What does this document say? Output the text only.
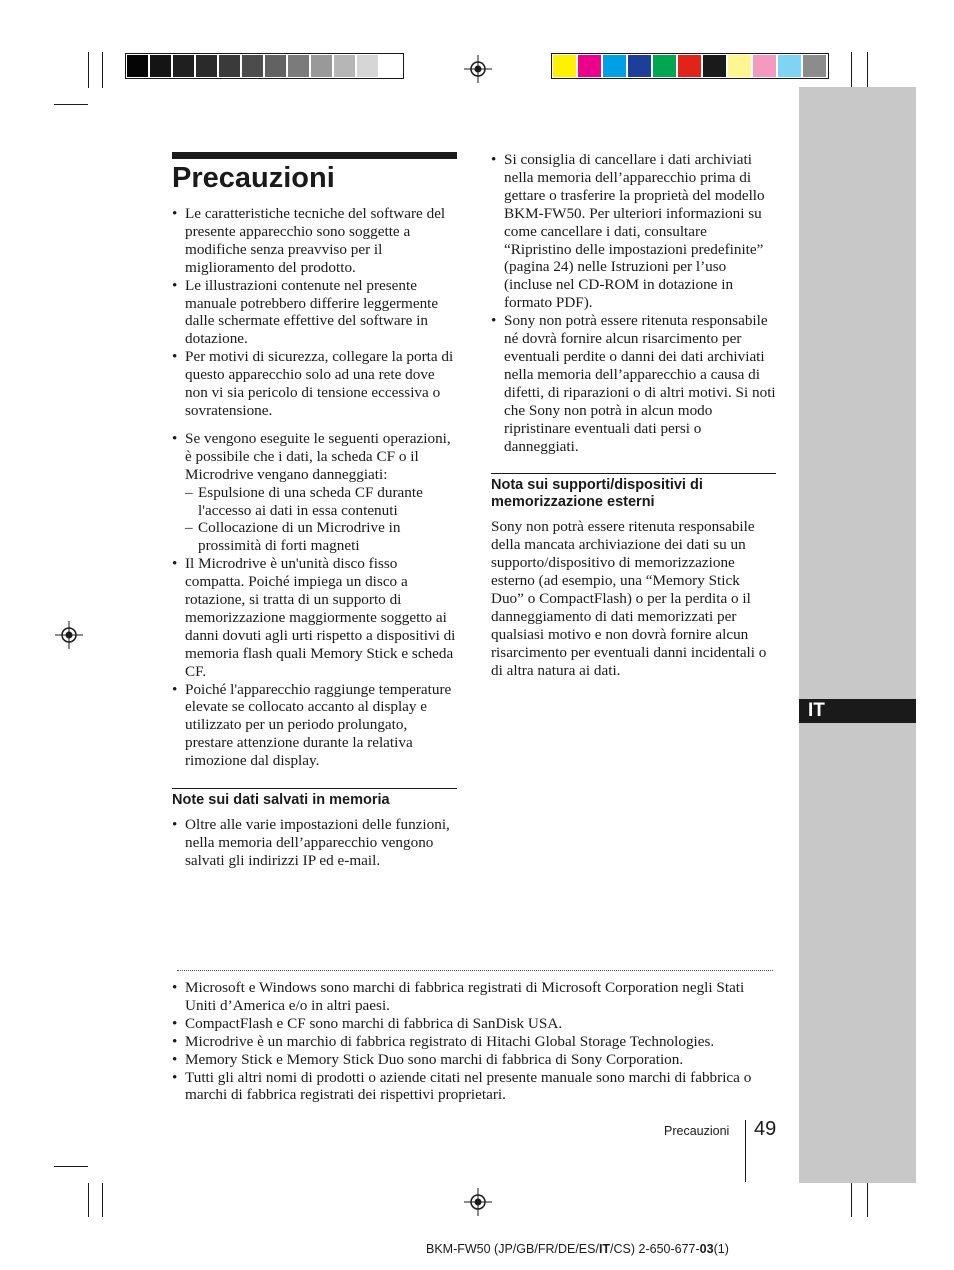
IT
Precauzioni
• Le caratteristiche tecniche del software del presente apparecchio sono soggette a modifiche senza preavviso per il miglioramento del prodotto.
• Le illustrazioni contenute nel presente manuale potrebbero differire leggermente dalle schermate effettive del software in dotazione.
• Per motivi di sicurezza, collegare la porta di questo apparecchio solo ad una rete dove non vi sia pericolo di tensione eccessiva o sovratensione.
• Se vengono eseguite le seguenti operazioni, è possibile che i dati, la scheda CF o il Microdrive vengano danneggiati:
– Espulsione di una scheda CF durante l'accesso ai dati in essa contenuti
– Collocazione di un Microdrive in prossimità di forti magneti
• Il Microdrive è un'unità disco fisso compatta. Poiché impiega un disco a rotazione, si tratta di un supporto di memorizzazione maggiormente soggetto ai danni dovuti agli urti rispetto a dispositivi di memoria flash quali Memory Stick e scheda CF.
• Poiché l'apparecchio raggiunge temperature elevate se collocato accanto al display e utilizzato per un periodo prolungato, prestare attenzione durante la relativa rimozione dal display.
Note sui dati salvati in memoria
• Oltre alle varie impostazioni delle funzioni, nella memoria dell’apparecchio vengono salvati gli indirizzi IP ed e-mail.
• Si consiglia di cancellare i dati archiviati nella memoria dell’apparecchio prima di gettare o trasferire la proprietà del modello BKM-FW50. Per ulteriori informazioni su come cancellare i dati, consultare “Ripristino delle impostazioni predefinite” (pagina 24) nelle Istruzioni per l’uso (incluse nel CD-ROM in dotazione in formato PDF).
• Sony non potrà essere ritenuta responsabile né dovrà fornire alcun risarcimento per eventuali perdite o danni dei dati archiviati nella memoria dell’apparecchio a causa di difetti, di riparazioni o di altri motivi. Si noti che Sony non potrà in alcun modo ripristinare eventuali dati persi o danneggiati.
Nota sui supporti/dispositivi di memorizzazione esterni

Sony non potrà essere ritenuta responsabile della mancata archiviazione dei dati su un supporto/dispositivo di memorizzazione esterno (ad esempio, una “Memory Stick Duo” o CompactFlash) o per la perdita o il danneggiamento di dati memorizzati per qualsiasi motivo e non dovrà fornire alcun risarcimento per eventuali danni incidentali o di altra natura ai dati.

• Microsoft e Windows sono marchi di fabbrica registrati di Microsoft Corporation negli Stati Uniti d’America e/o in altri paesi.
• CompactFlash e CF sono marchi di fabbrica di SanDisk USA.
• Microdrive è un marchio di fabbrica registrato di Hitachi Global Storage Technologies.
• Memory Stick e Memory Stick Duo sono marchi di fabbrica di Sony Corporation.
• Tutti gli altri nomi di prodotti o aziende citati nel presente manuale sono marchi di fabbrica o marchi di fabbrica registrati dei rispettivi proprietari.
Precauzioni 49
BKM-FW50 (JP/GB/FR/DE/ES/IT/CS) 2-650-677-03(1)
